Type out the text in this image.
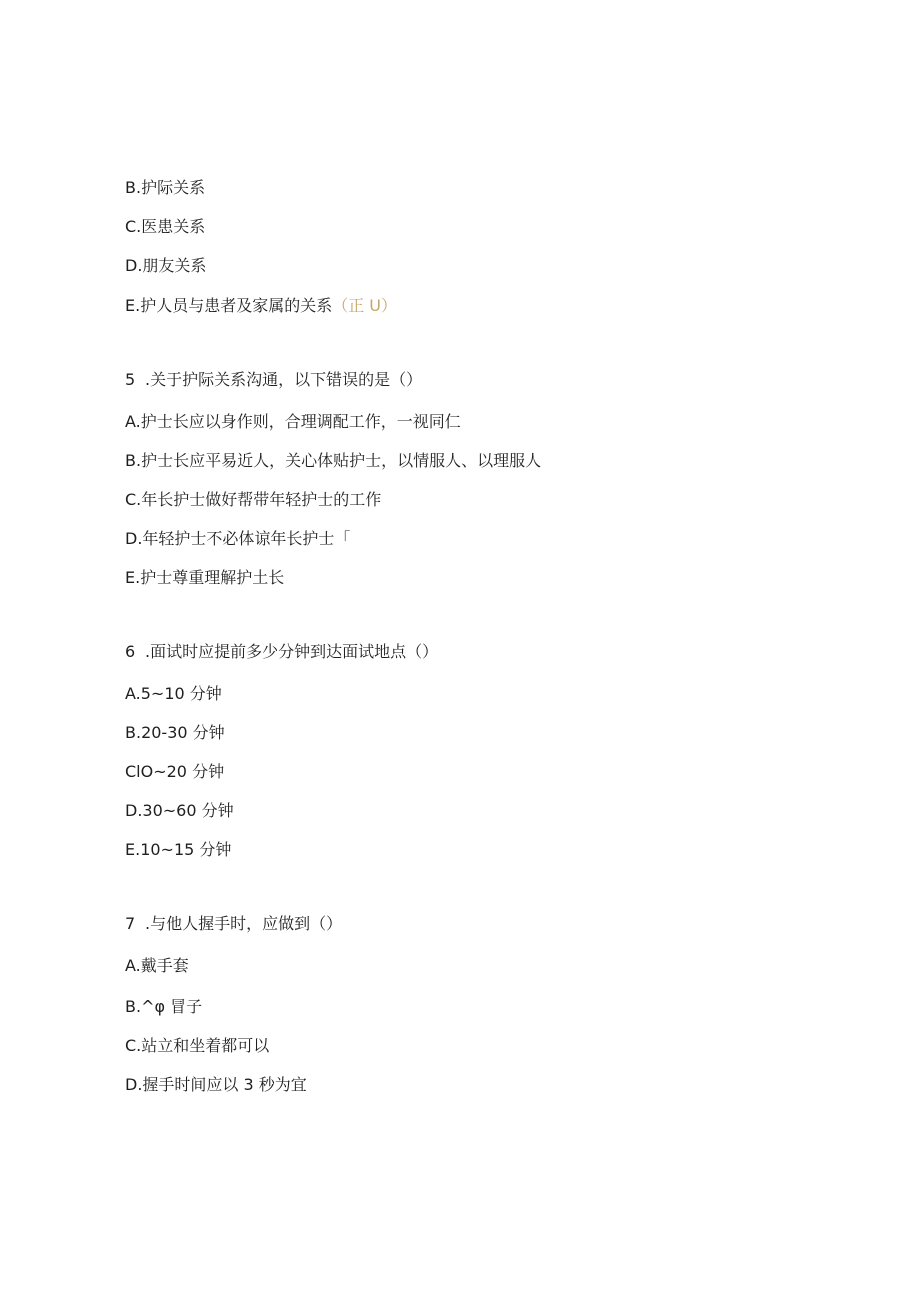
B.护际关系
C.医患关系
D.朋友关系
E.护人员与患者及家属的关系（正 U）
5 .关于护际关系沟通，以下错误的是（）
A.护士长应以身作则，合理调配工作，一视同仁
B.护士长应平易近人，关心体贴护士，以情服人、以理服人
C.年长护士做好帮带年轻护士的工作
D.年轻护士不必体谅年长护士「
E.护士尊重理解护土长
6 .面试时应提前多少分钟到达面试地点（）
A.5~10 分钟
B.20-30 分钟
ClO~20 分钟
D.30~60 分钟
E.10~15 分钟
7 .与他人握手时，应做到（）
A.戴手套
B.^φ 冒子
C.站立和坐着都可以
D.握手时间应以 3 秒为宜
